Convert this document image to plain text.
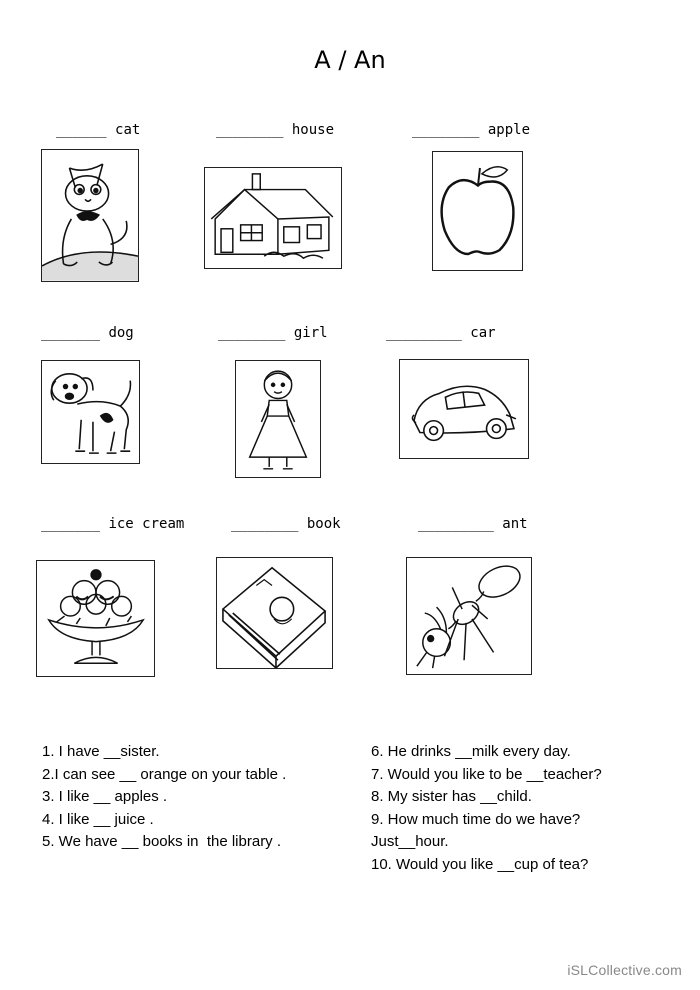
A / An
______ cat	________ house	________ apple
_______ dog	________ girl	_________ car
_______ ice cream	________ book	_________ ant
1. I have __sister.
2.I can see __ orange on your table .
3. I like __ apples .
4. I like __ juice .
5. We have __ books in  the library .
6. He drinks __milk every day.
7. Would you like to be __teacher?
8. My sister has __child.
9. How much time do we have?
Just__hour.
10. Would you like __cup of tea?
iSLCollective.com
